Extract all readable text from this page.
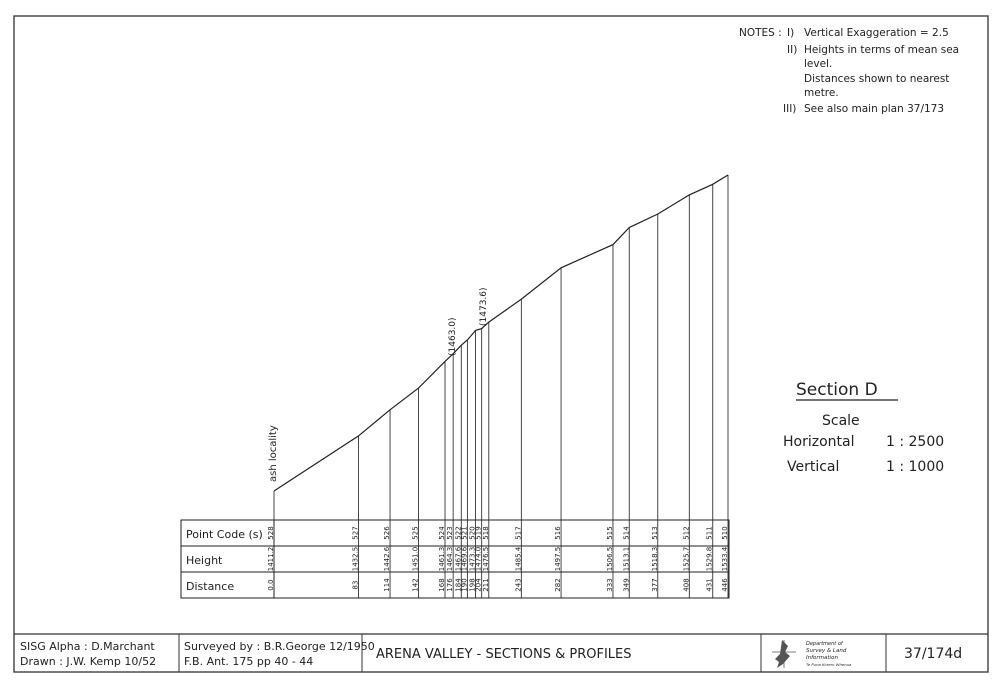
NOTES : I) Vertical Exaggeration = 2.5
II) Heights in terms of mean sea
level.
Distances shown to nearest
metre.
III) See also main plan 37/173
Section D
Scale
Horizontal 1 : 2500
Vertical	1 : 1000
ash locality
(1463.0)
(1473.6)
Point Code (s)
Height
Distance
528
1411.2
0.0
527
1432.5
83
526
1442.6
114
525
1451.0
142
524
1461.3
168
523
1464.3
176
522
1467.6
184
521
1469.6
190
520
1473.3
198
519
1474.0
204
518
1476.5
211
517
1485.4
243
516
1497.5
282
515
1506.5
333
514
1513.1
349
513
1518.3
377
512
1525.7
408
511
1529.8
431
510
1533.4
446
SISG Alpha : D.Marchant
Drawn : J.W. Kemp 10/52
Surveyed by : B.R.George 12/1950
F.B. Ant. 175 pp 40 - 44	ARENA VALLEY - SECTIONS & PROFILES
Department of
Survey & Land
Information
Te Puna Korero Whenua
37/174d
